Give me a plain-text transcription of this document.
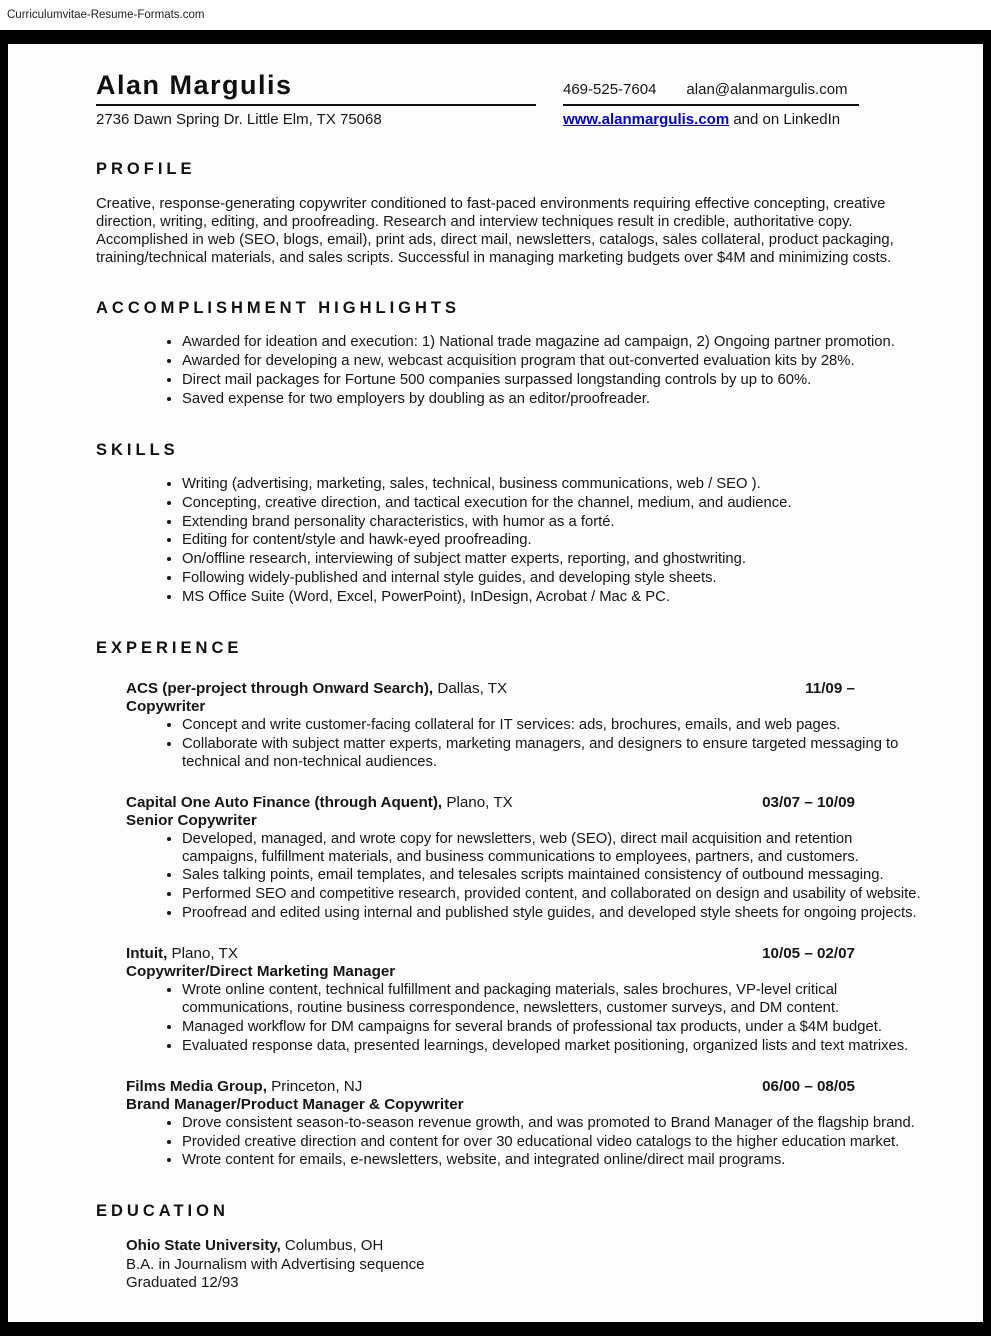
Curriculumvitae-Resume-Formats.com
Alan Margulis	469-525-7604 alan@alanmargulis.com
2736 Dawn Spring Dr. Little Elm, TX 75068	www.alanmargulis.com and on LinkedIn
PROFILE
Creative, response-generating copywriter conditioned to fast-paced environments requiring effective concepting, creative direction, writing, editing, and proofreading. Research and interview techniques result in credible, authoritative copy. Accomplished in web (SEO, blogs, email), print ads, direct mail, newsletters, catalogs, sales collateral, product packaging, training/technical materials, and sales scripts. Successful in managing marketing budgets over $4M and minimizing costs.
ACCOMPLISHMENT HIGHLIGHTS
• Awarded for ideation and execution: 1) National trade magazine ad campaign, 2) Ongoing partner promotion.
• Awarded for developing a new, webcast acquisition program that out-converted evaluation kits by 28%.
• Direct mail packages for Fortune 500 companies surpassed longstanding controls by up to 60%.
• Saved expense for two employers by doubling as an editor/proofreader.
SKILLS
• Writing (advertising, marketing, sales, technical, business communications, web / SEO ).
• Concepting, creative direction, and tactical execution for the channel, medium, and audience.
• Extending brand personality characteristics, with humor as a forté.
• Editing for content/style and hawk-eyed proofreading.
• On/offline research, interviewing of subject matter experts, reporting, and ghostwriting.
• Following widely-published and internal style guides, and developing style sheets.
• MS Office Suite (Word, Excel, PowerPoint), InDesign, Acrobat / Mac & PC.
EXPERIENCE
ACS (per-project through Onward Search), Dallas, TX	11/09 –
Copywriter
• Concept and write customer-facing collateral for IT services: ads, brochures, emails, and web pages.
• Collaborate with subject matter experts, marketing managers, and designers to ensure targeted messaging to technical and non-technical audiences.
Capital One Auto Finance (through Aquent), Plano, TX	03/07 – 10/09
Senior Copywriter
• Developed, managed, and wrote copy for newsletters, web (SEO), direct mail acquisition and retention campaigns, fulfillment materials, and business communications to employees, partners, and customers.
• Sales talking points, email templates, and telesales scripts maintained consistency of outbound messaging.
• Performed SEO and competitive research, provided content, and collaborated on design and usability of website.
• Proofread and edited using internal and published style guides, and developed style sheets for ongoing projects.
Intuit, Plano, TX	10/05 – 02/07
Copywriter/Direct Marketing Manager
• Wrote online content, technical fulfillment and packaging materials, sales brochures, VP-level critical communications, routine business correspondence, newsletters, customer surveys, and DM content.
• Managed workflow for DM campaigns for several brands of professional tax products, under a $4M budget.
• Evaluated response data, presented learnings, developed market positioning, organized lists and text matrixes.
Films Media Group, Princeton, NJ	06/00 – 08/05
Brand Manager/Product Manager & Copywriter
• Drove consistent season-to-season revenue growth, and was promoted to Brand Manager of the flagship brand.
• Provided creative direction and content for over 30 educational video catalogs to the higher education market.
• Wrote content for emails, e-newsletters, website, and integrated online/direct mail programs.
EDUCATION
Ohio State University, Columbus, OH
B.A. in Journalism with Advertising sequence
Graduated 12/93
